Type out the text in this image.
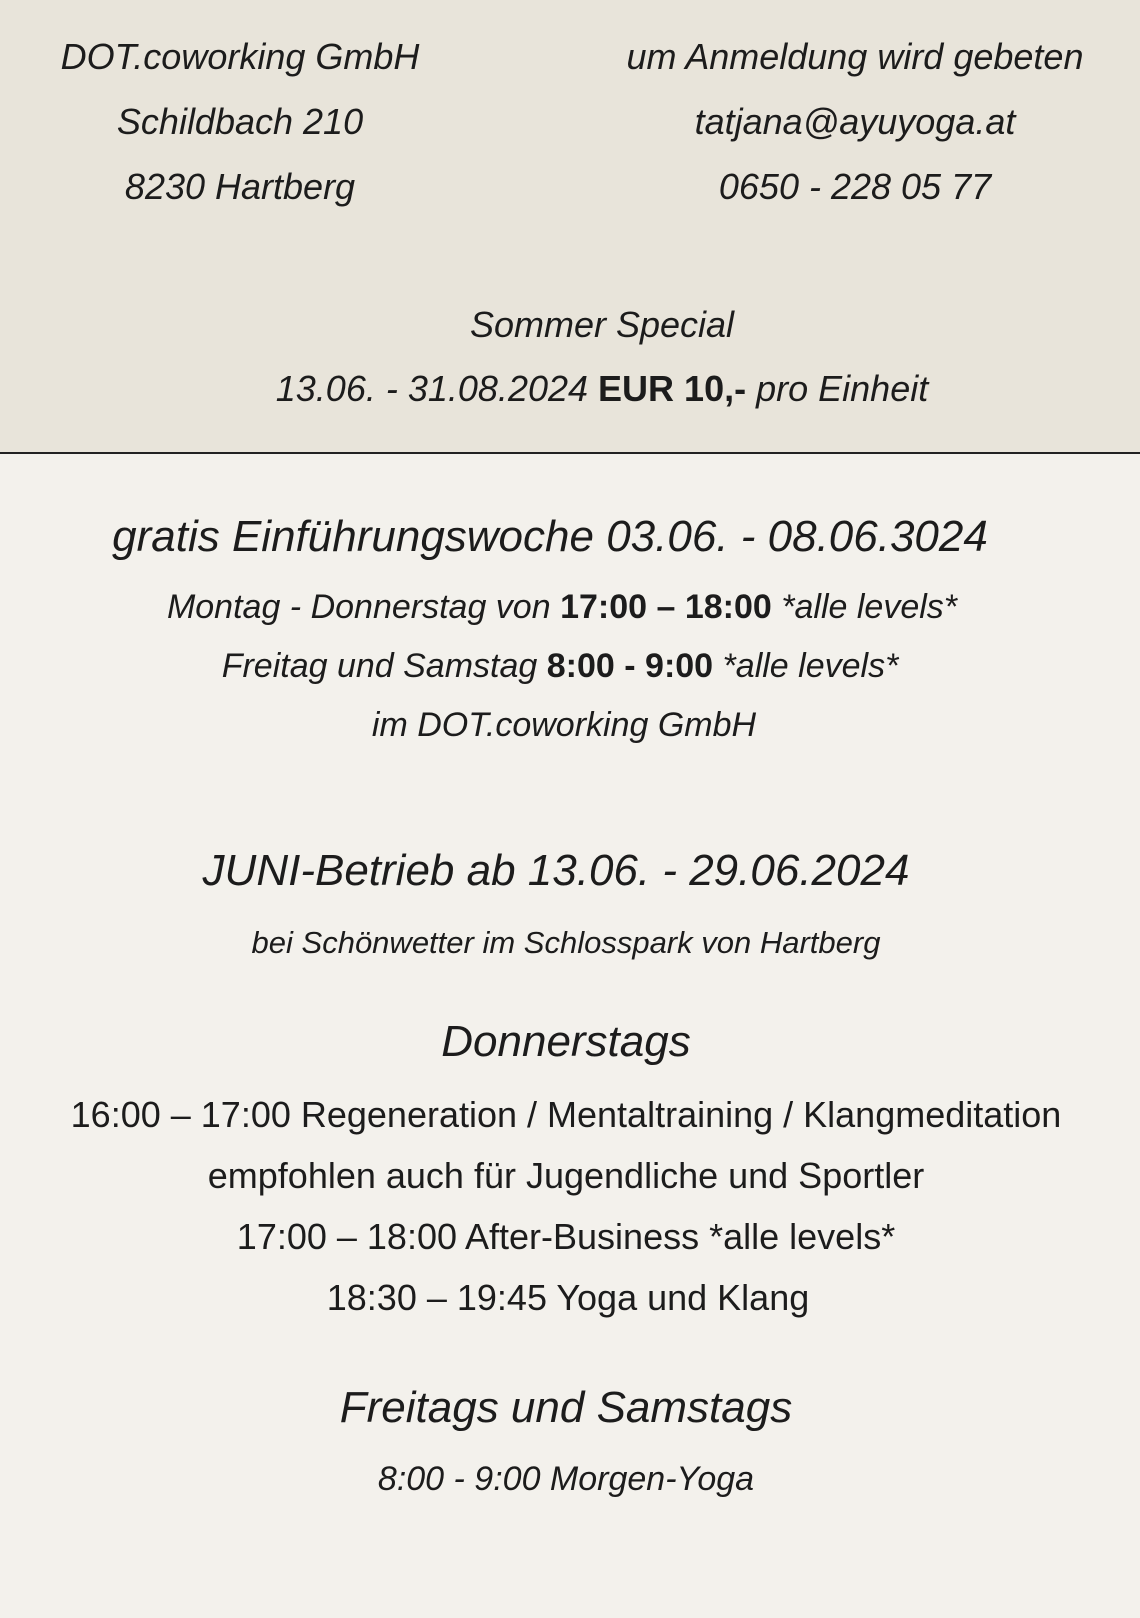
DOT.coworking GmbH
Schildbach 210
8230 Hartberg
um Anmeldung wird gebeten
tatjana@ayuyoga.at
0650 - 228 05 77
Sommer Special
13.06. - 31.08.2024 EUR 10,- pro Einheit
gratis Einführungswoche 03.06. - 08.06.3024
Montag - Donnerstag von 17:00 – 18:00 *alle levels*
Freitag und Samstag 8:00 - 9:00 *alle levels*
im DOT.coworking GmbH
JUNI-Betrieb ab 13.06. - 29.06.2024
bei Schönwetter im Schlosspark von Hartberg
Donnerstags
16:00 – 17:00 Regeneration / Mentaltraining / Klangmeditation
empfohlen auch für Jugendliche und Sportler
17:00 – 18:00 After-Business *alle levels*
18:30 – 19:45 Yoga und Klang
Freitags und Samstags
8:00 - 9:00 Morgen-Yoga
